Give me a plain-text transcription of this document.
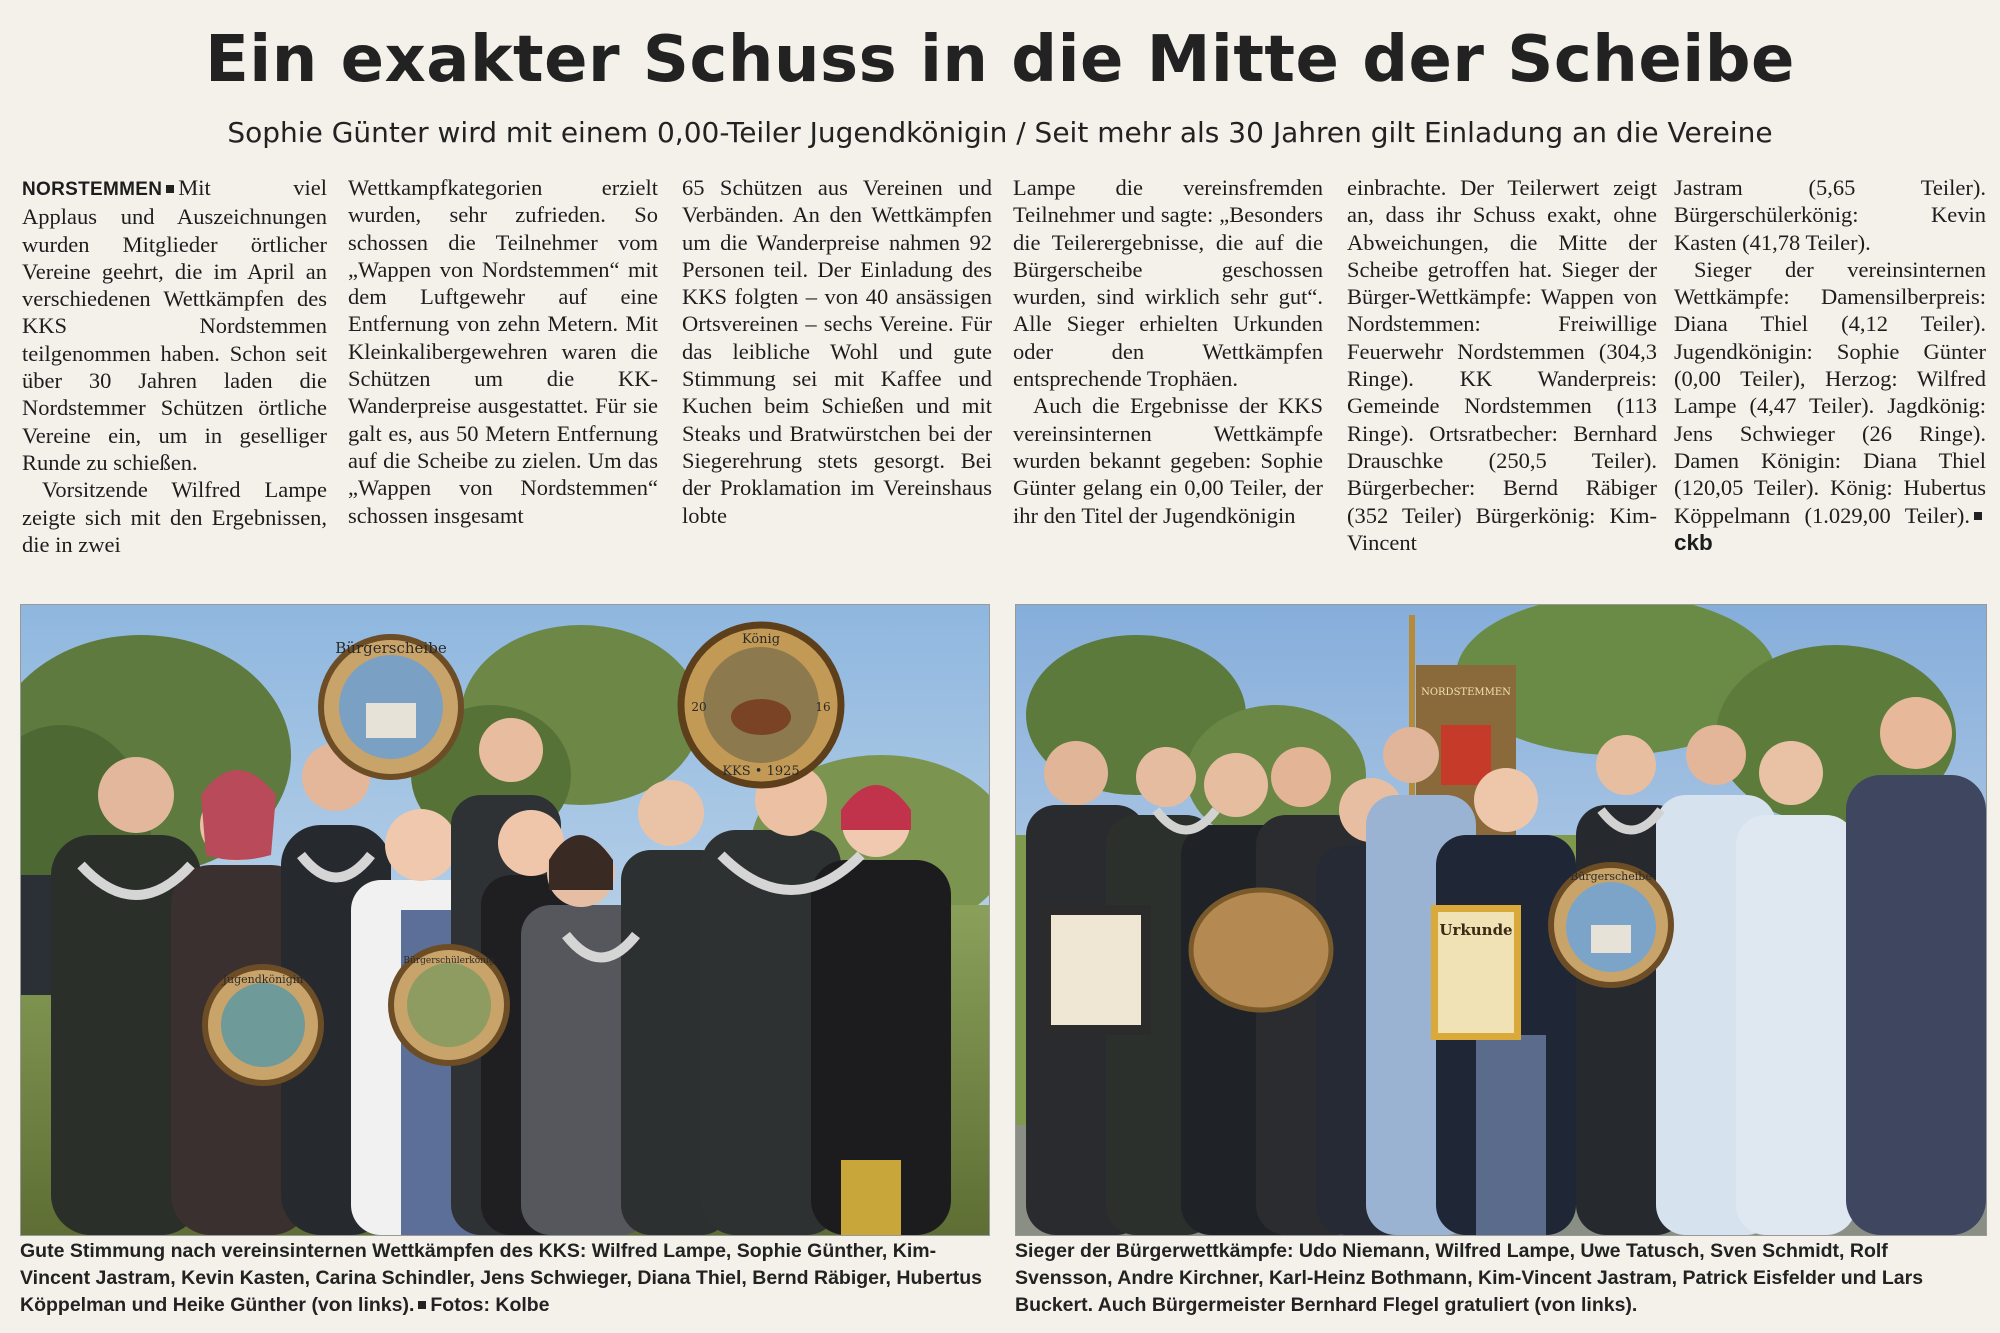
Ein exakter Schuss in die Mitte der Scheibe
Sophie Günter wird mit einem 0,00-Teiler Jugendkönigin / Seit mehr als 30 Jahren gilt Einladung an die Vereine

NORSTEMMEN Mit viel Applaus und Auszeichnungen wurden Mitglieder örtlicher Vereine geehrt, die im April an verschiedenen Wettkämpfen des KKS Nordstemmen teilgenommen haben. Schon seit über 30 Jahren laden die Nordstemmer Schützen örtliche Vereine ein, um in geselliger Runde zu schießen.

Vorsitzende Wilfred Lampe zeigte sich mit den Ergebnissen, die in zwei

Wettkampfkategorien erzielt wurden, sehr zufrieden. So schossen die Teilnehmer vom „Wappen von Nordstemmen“ mit dem Luftgewehr auf eine Entfernung von zehn Metern. Mit Kleinkalibergewehren waren die Schützen um die KK-Wanderpreise ausgestattet. Für sie galt es, aus 50 Metern Entfernung auf die Scheibe zu zielen. Um das „Wappen von Nordstemmen“ schossen insgesamt

65 Schützen aus Vereinen und Verbänden. An den Wettkämpfen um die Wanderpreise nahmen 92 Personen teil. Der Einladung des KKS folgten – von 40 ansässigen Ortsvereinen – sechs Vereine. Für das leibliche Wohl und gute Stimmung sei mit Kaffee und Kuchen beim Schießen und mit Steaks und Bratwürstchen bei der Siegerehrung stets gesorgt. Bei der Proklamation im Vereinshaus lobte

Lampe die vereinsfremden Teilnehmer und sagte: „Besonders die Teilerergebnisse, die auf die Bürgerscheibe geschossen wurden, sind wirklich sehr gut“. Alle Sieger erhielten Urkunden oder den Wettkämpfen entsprechende Trophäen.

Auch die Ergebnisse der KKS vereinsinternen Wettkämpfe wurden bekannt gegeben: Sophie Günter gelang ein 0,00 Teiler, der ihr den Titel der Jugendkönigin

einbrachte. Der Teilerwert zeigt an, dass ihr Schuss exakt, ohne Abweichungen, die Mitte der Scheibe getroffen hat. Sieger der Bürger-Wettkämpfe: Wappen von Nordstemmen: Freiwillige Feuerwehr Nordstemmen (304,3 Ringe). KK Wanderpreis: Gemeinde Nordstemmen (113 Ringe). Ortsratbecher: Bernhard Drauschke (250,5 Teiler). Bürgerbecher: Bernd Räbiger (352 Teiler) Bürgerkönig: Kim-Vincent

Jastram (5,65 Teiler). Bürgerschülerkönig: Kevin Kasten (41,78 Teiler).

Sieger der vereinsinternen Wettkämpfe: Damensilberpreis: Diana Thiel (4,12 Teiler). Jugendkönigin: Sophie Günter (0,00 Teiler), Herzog: Wilfred Lampe (4,47 Teiler). Jagdkönig: Jens Schwieger (26 Ringe). Damen Königin: Diana Thiel (120,05 Teiler). König: Hubertus Köppelmann (1.029,00 Teiler).ckb

Bürgerscheibe	König
20	16
KKS • 1925
Jugendkönigin
Bürgerschülerkönig
NORDSTEMMEN
Urkunde
Bürgerscheibe
Gute Stimmung nach vereinsinternen Wettkämpfen des KKS: Wilfred Lampe, Sophie Günther, Kim-Vincent Jastram, Kevin Kasten, Carina Schindler, Jens Schwieger, Diana Thiel, Bernd Räbiger, Hubertus Köppelman und Heike Günther (von links). Fotos: Kolbe
Sieger der Bürgerwettkämpfe: Udo Niemann, Wilfred Lampe, Uwe Tatusch, Sven Schmidt, Rolf Svensson, Andre Kirchner, Karl-Heinz Bothmann, Kim-Vincent Jastram, Patrick Eisfelder und Lars Buckert. Auch Bürgermeister Bernhard Flegel gratuliert (von links).
